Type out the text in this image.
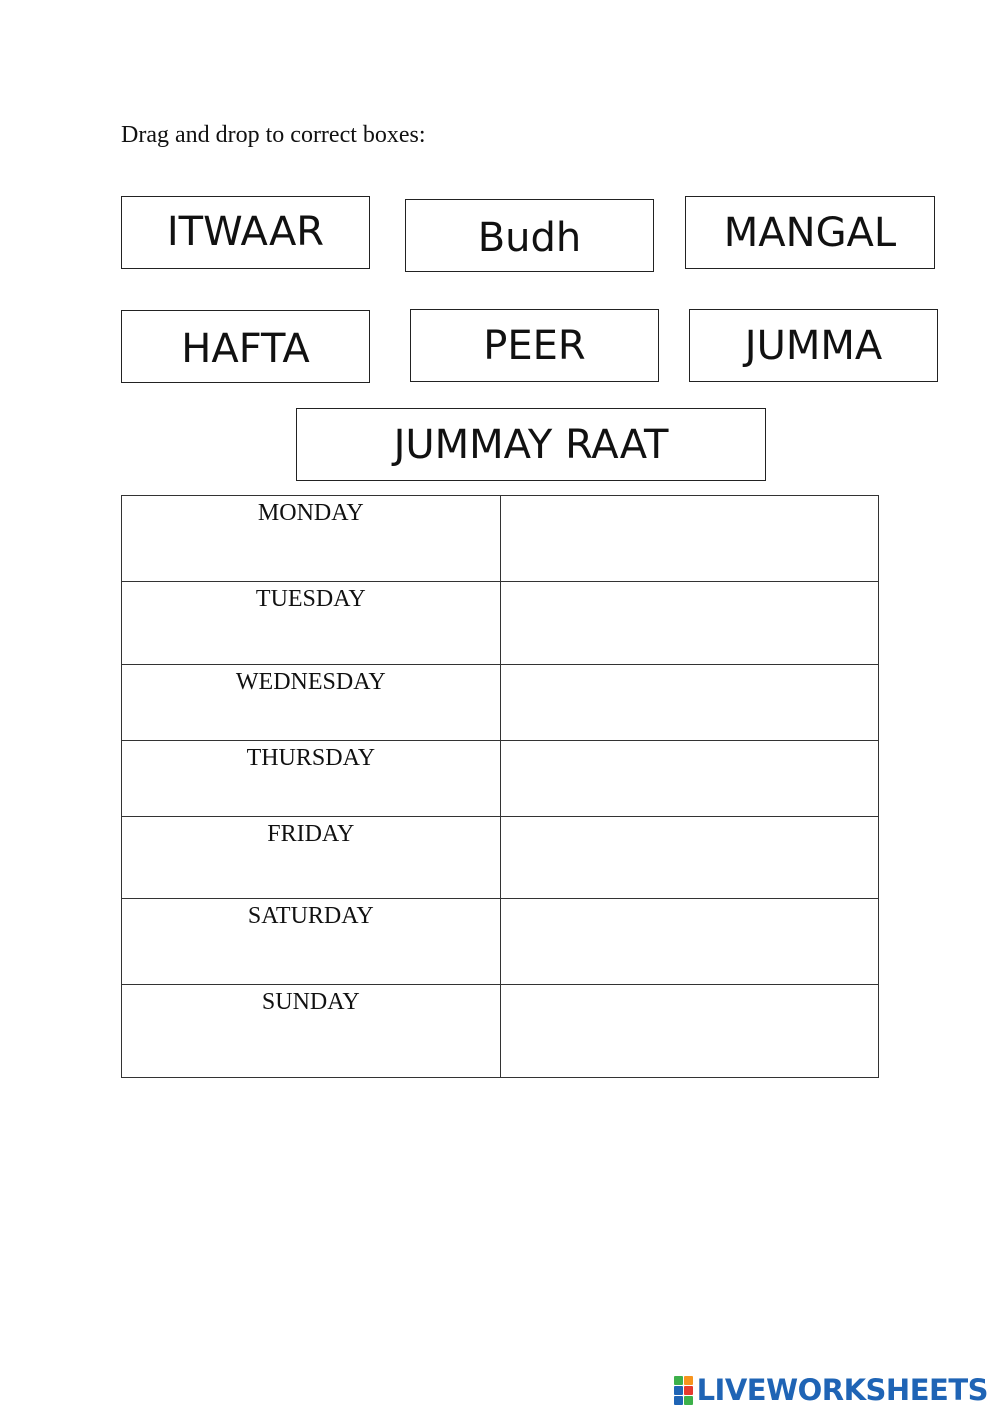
Drag and drop to correct boxes:
ITWAAR	Budh	MANGAL
HAFTA	PEER	JUMMA
JUMMAY RAAT
MONDAY	
TUESDAY	
WEDNESDAY	
THURSDAY	
FRIDAY	
SATURDAY	
SUNDAY	
LIVEWORKSHEETS
